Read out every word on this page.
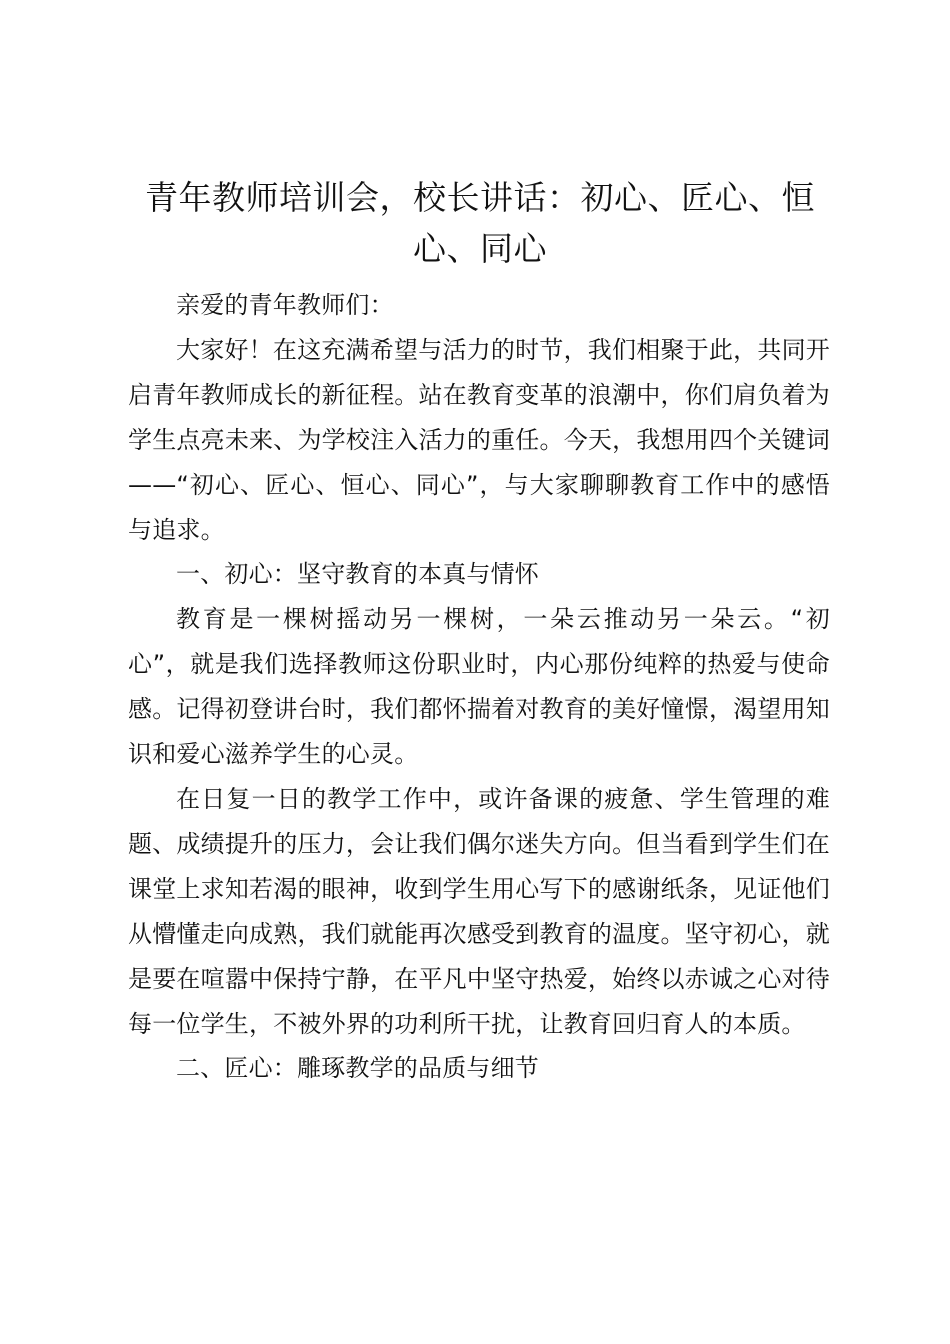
青年教师培训会，校长讲话：初心、匠心、恒心、同心

亲爱的青年教师们：

大家好！在这充满希望与活力的时节，我们相聚于此，共同开启青年教师成长的新征程。站在教育变革的浪潮中，你们肩负着为学生点亮未来、为学校注入活力的重任。今天，我想用四个关键词——“初心、匠心、恒心、同心”，与大家聊聊教育工作中的感悟与追求。

一、初心：坚守教育的本真与情怀

教育是一棵树摇动另一棵树，一朵云推动另一朵云。“初心”，就是我们选择教师这份职业时，内心那份纯粹的热爱与使命感。记得初登讲台时，我们都怀揣着对教育的美好憧憬，渴望用知识和爱心滋养学生的心灵。

在日复一日的教学工作中，或许备课的疲惫、学生管理的难题、成绩提升的压力，会让我们偶尔迷失方向。但当看到学生们在课堂上求知若渴的眼神，收到学生用心写下的感谢纸条，见证他们从懵懂走向成熟，我们就能再次感受到教育的温度。坚守初心，就是要在喧嚣中保持宁静，在平凡中坚守热爱，始终以赤诚之心对待每一位学生，不被外界的功利所干扰，让教育回归育人的本质。

二、匠心：雕琢教学的品质与细节
